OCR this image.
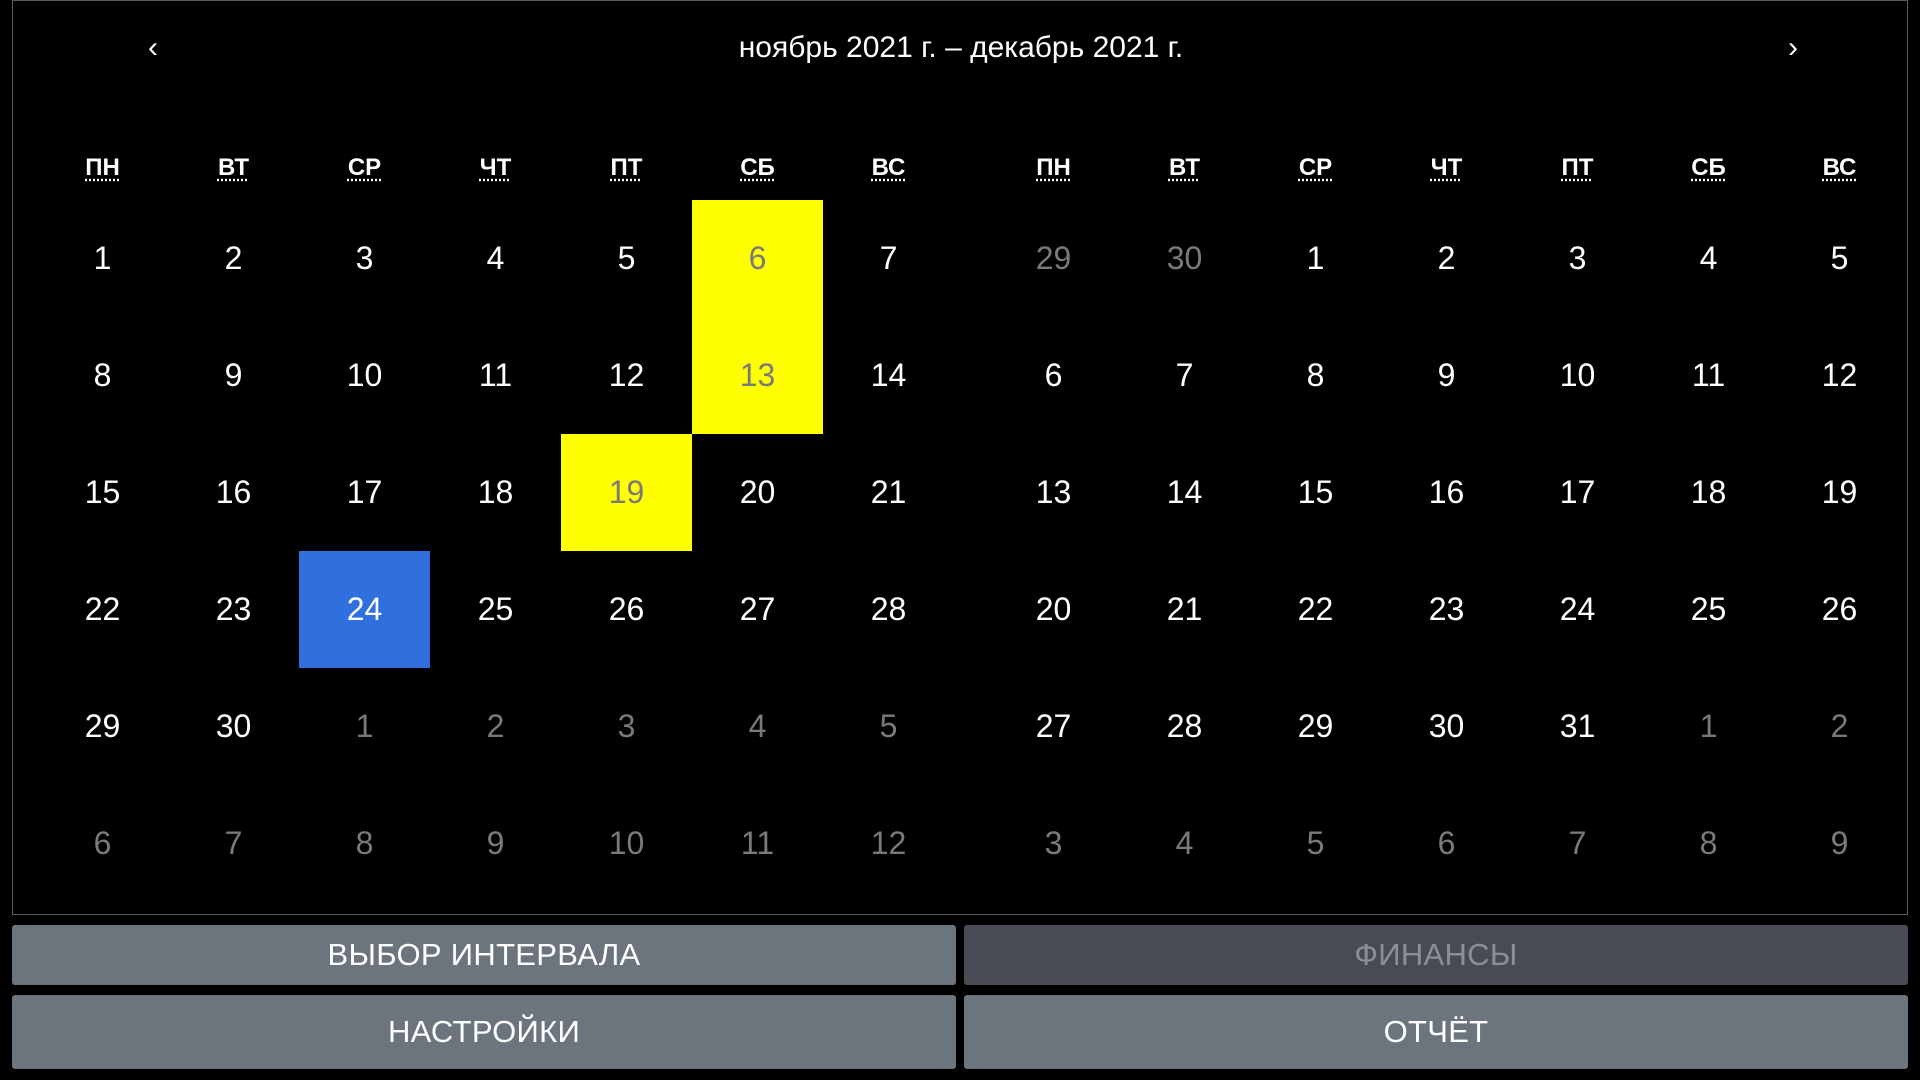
‹	ноябрь 2021 г. – декабрь 2021 г.	›
ПН	ВТ	СР	ЧТ	ПТ	СБ	ВС
1	2	3	4	5	6	7
8	9	10	11	12	13	14
15	16	17	18	19	20	21
22	23	24	25	26	27	28
29	30	1	2	3	4	5
6	7	8	9	10	11	12
ПН	ВТ	СР	ЧТ	ПТ	СБ	ВС
29	30	1	2	3	4	5
6	7	8	9	10	11	12
13	14	15	16	17	18	19
20	21	22	23	24	25	26
27	28	29	30	31	1	2
3	4	5	6	7	8	9
ВЫБОР ИНТЕРВАЛА	ФИНАНСЫ
НАСТРОЙКИ	ОТЧЁТ
